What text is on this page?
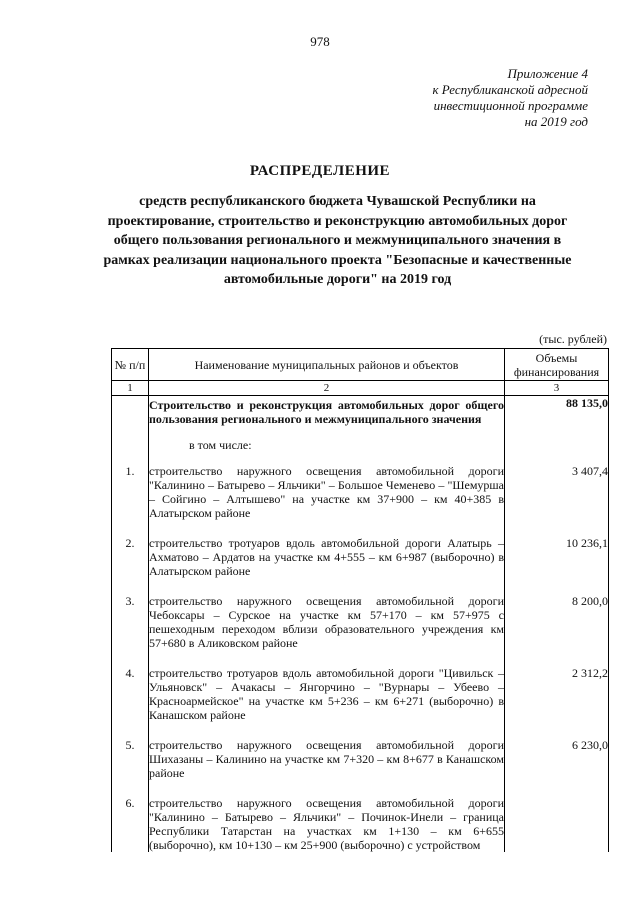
978
Приложение 4
к Республиканской адресной
инвестиционной программе
на 2019 год
РАСПРЕДЕЛЕНИЕ
средств республиканского бюджета Чувашской Республики на проектирование, строительство и реконструкцию автомобильных дорог общего пользования регионального и межмуниципального значения в рамках реализации национального проекта "Безопасные и качественные автомобильные дороги" на 2019 год
(тыс. рублей)
№ п/п	Наименование муниципальных районов и объектов	Объемы финансирования
1	2	3
	Строительство и реконструкция автомобильных дорог общего пользования регионального и межмуниципального значения	88 135,0
	в том числе:	
1.	строительство наружного освещения автомобильной дороги "Калинино – Батырево – Яльчики" – Большое Чеменево – "Шемурша – Сойгино – Алтышево" на участке км 37+900 – км 40+385 в Алатырском районе	3 407,4

2.	строительство тротуаров вдоль автомобильной дороги Алатырь – Ахматово – Ардатов на участке км 4+555 – км 6+987 (выборочно) в Алатырском районе	10 236,1

3.	строительство наружного освещения автомобильной дороги Чебоксары – Сурское на участке км 57+170 – км 57+975 с пешеходным переходом вблизи образовательного учреждения км 57+680 в Аликовском районе	8 200,0

4.	строительство тротуаров вдоль автомобильной дороги "Цивильск – Ульяновск" – Ачакасы – Янгорчино – "Вурнары – Убеево – Красноармейское" на участке км 5+236 – км 6+271 (выборочно) в Канашском районе	2 312,2

5.	строительство наружного освещения автомобильной дороги Шихазаны – Калинино на участке км 7+320 – км 8+677 в Канашском районе	6 230,0

6.	строительство наружного освещения автомобильной дороги "Калинино – Батырево – Яльчики" – Починок-Инели – граница Республики Татарстан на участках км 1+130 – км 6+655 (выборочно), км 10+130 – км 25+900 (выборочно) с устройством	
